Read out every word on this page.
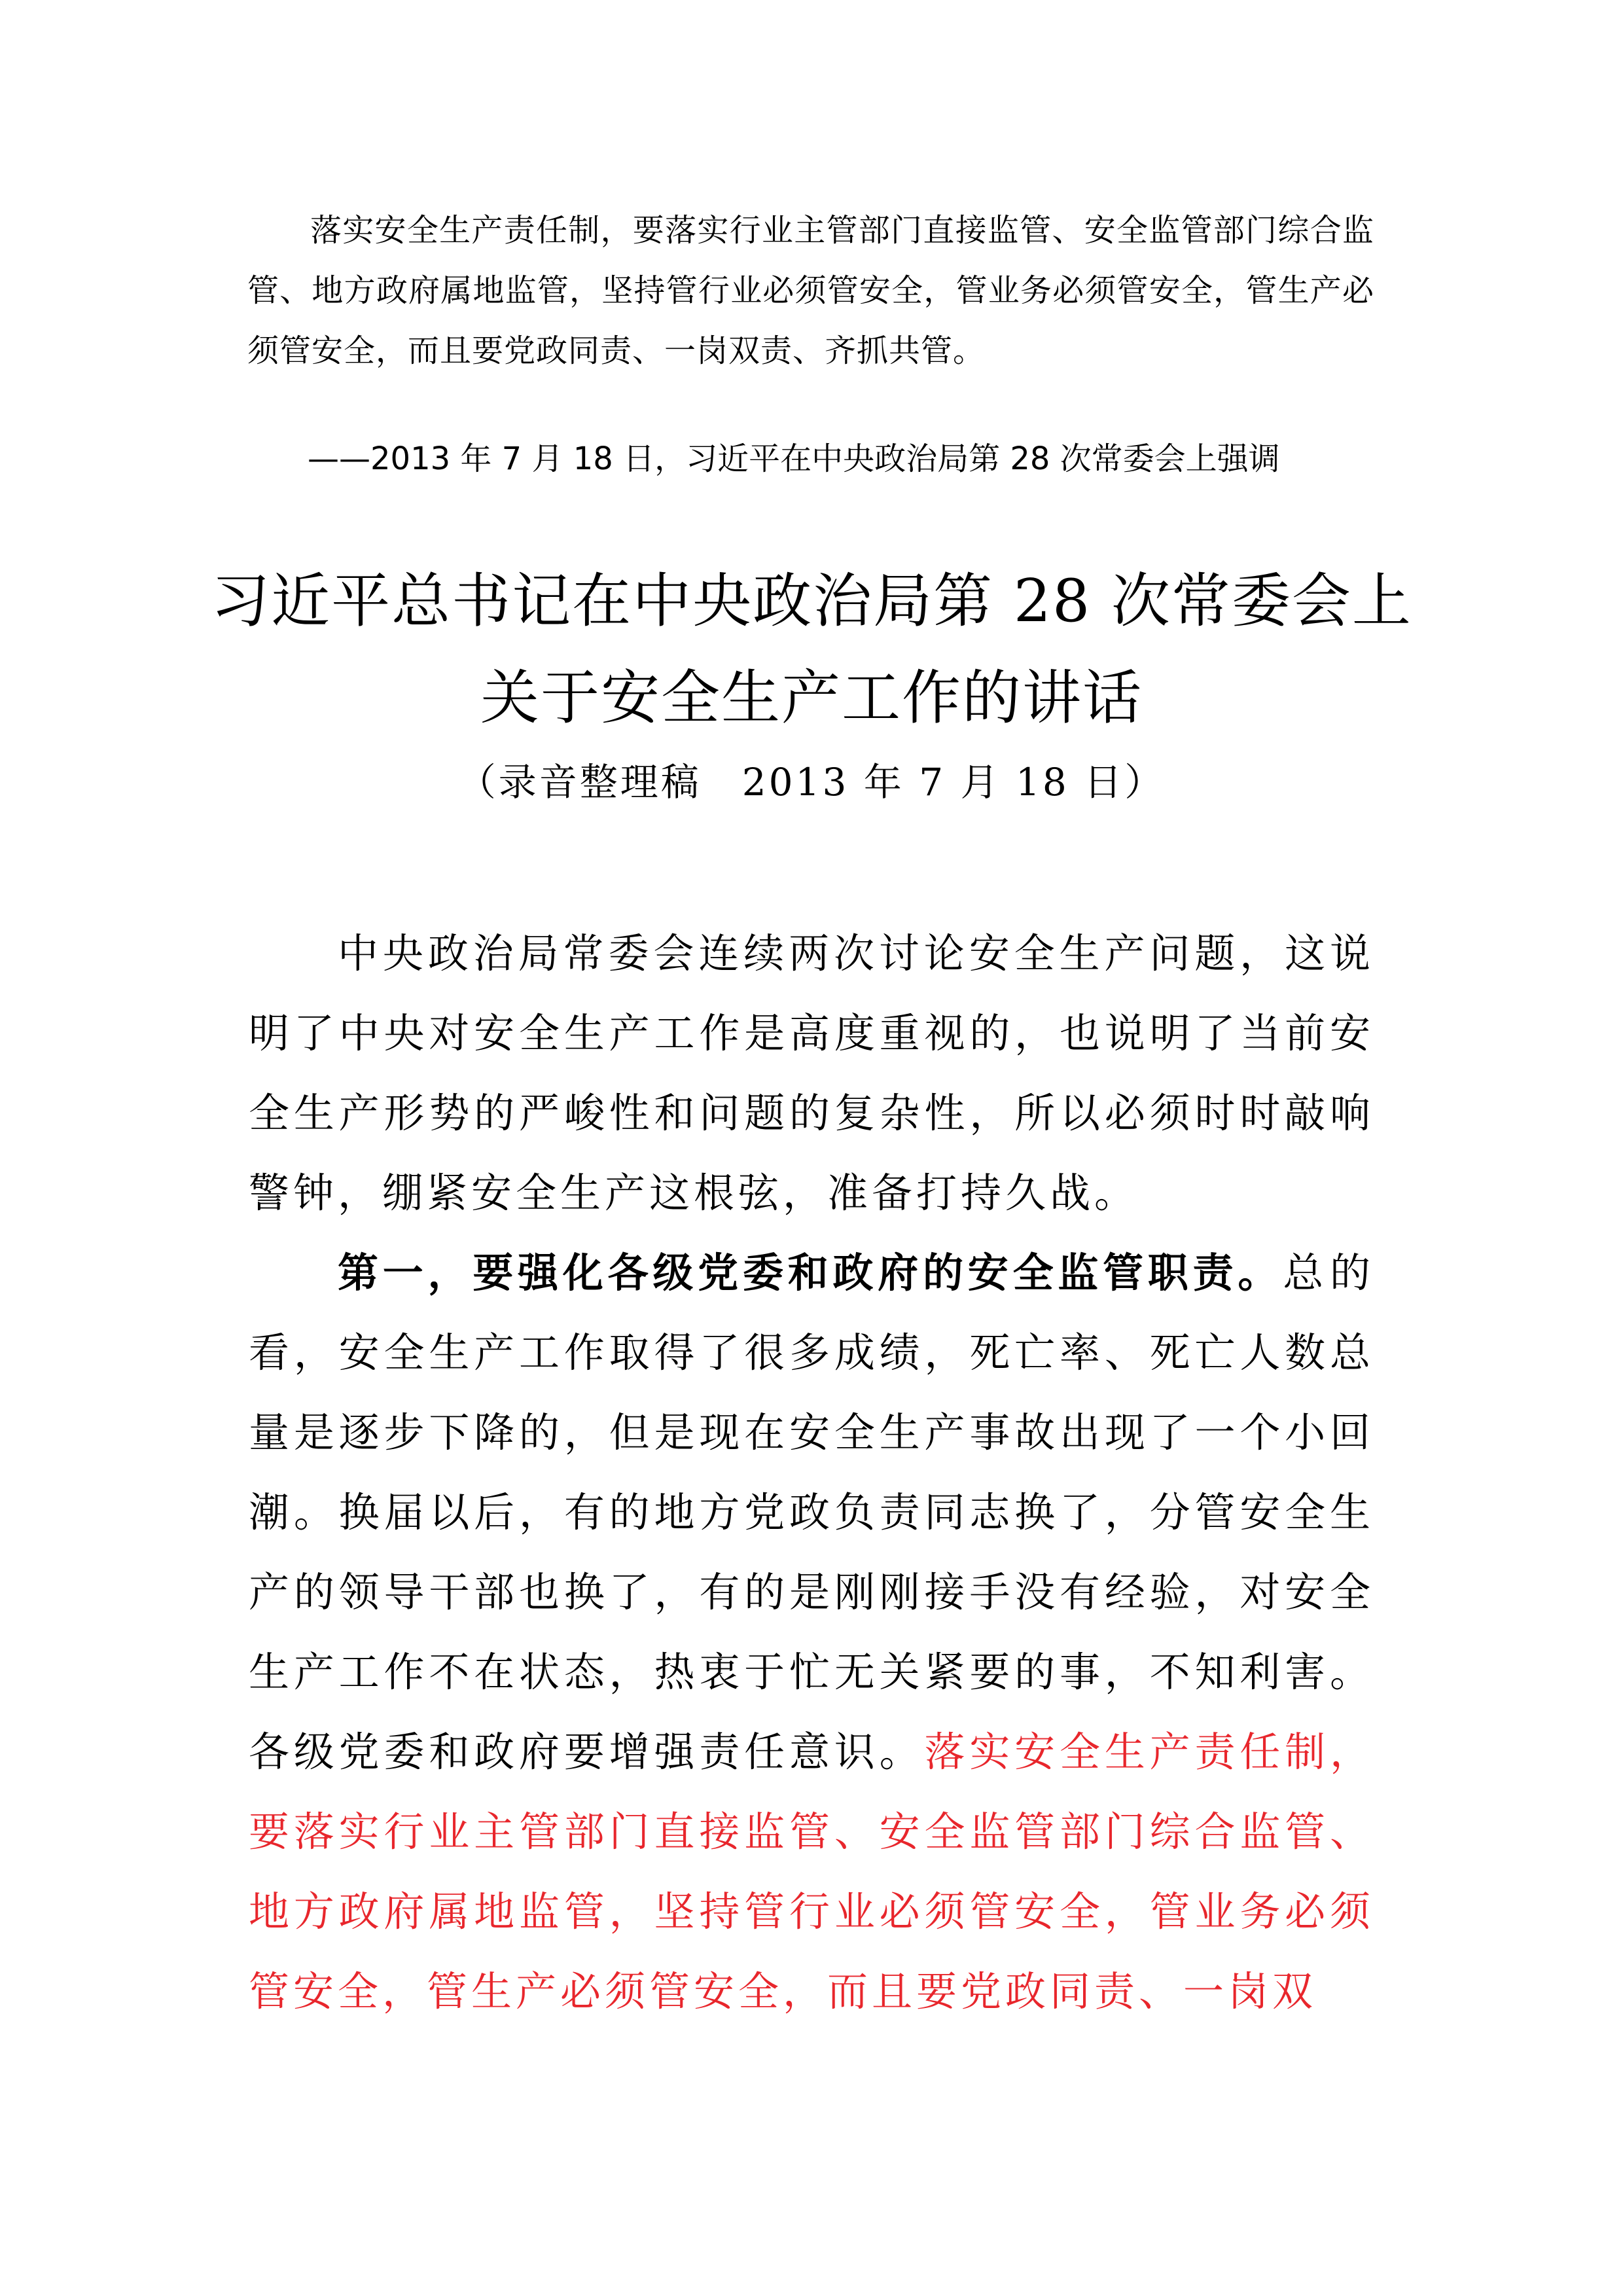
落实安全生产责任制，要落实行业主管部门直接监管、安全监管部门综合监管、地方政府属地监管，坚持管行业必须管安全，管业务必须管安全，管生产必须管安全，而且要党政同责、一岗双责、齐抓共管。

——2013 年 7 月 18 日，习近平在中央政治局第 28 次常委会上强调

习近平总书记在中央政治局第 28 次常委会上关于安全生产工作的讲话

（录音整理稿　2013 年 7 月 18 日）

中央政治局常委会连续两次讨论安全生产问题，这说明了中央对安全生产工作是高度重视的，也说明了当前安全生产形势的严峻性和问题的复杂性，所以必须时时敲响警钟，绷紧安全生产这根弦，准备打持久战。

第一，要强化各级党委和政府的安全监管职责。总的看，安全生产工作取得了很多成绩，死亡率、死亡人数总量是逐步下降的，但是现在安全生产事故出现了一个小回潮。换届以后，有的地方党政负责同志换了，分管安全生产的领导干部也换了，有的是刚刚接手没有经验，对安全生产工作不在状态，热衷于忙无关紧要的事，不知利害。各级党委和政府要增强责任意识。落实安全生产责任制，要落实行业主管部门直接监管、安全监管部门综合监管、地方政府属地监管，坚持管行业必须管安全，管业务必须管安全，管生产必须管安全，而且要党政同责、一岗双
